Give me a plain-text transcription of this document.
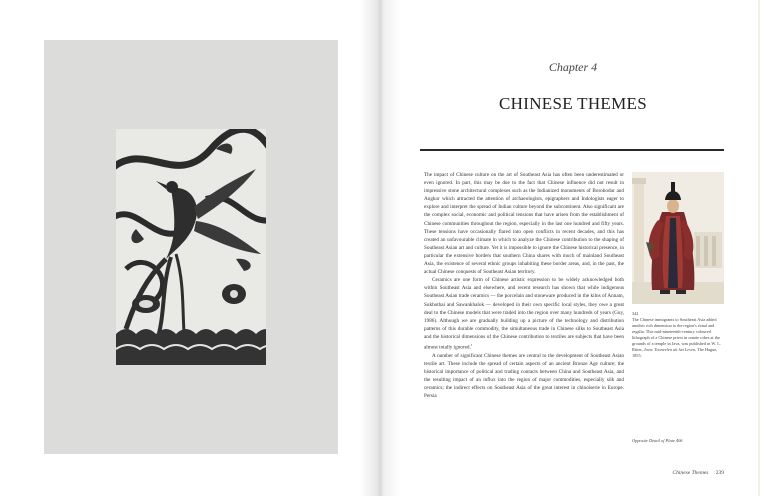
Chapter 4
CHINESE THEMES

The impact of Chinese culture on the art of Southeast Asia has often been underestimated or even ignored. In part, this may be due to the fact that Chinese influence did not result in impressive stone architectural complexes such as the Indianized monuments of Borobodur and Angkor which attracted the attention of archaeologists, epigraphers and Indologists eager to explore and interpret the spread of Indian culture beyond the subcontinent. Also significant are the complex social, economic and political tensions that have arisen from the establishment of Chinese communities throughout the region, especially in the last one hundred and fifty years. These tensions have occasionally flared into open conflicts in recent decades, and this has created an unfavourable climate in which to analyze the Chinese contribution to the shaping of Southeast Asian art and culture. Yet it is impossible to ignore the Chinese historical presence, in particular the extensive borders that southern China shares with much of mainland Southeast Asia, the existence of several ethnic groups inhabiting these border areas, and, in the past, the actual Chinese conquests of Southeast Asian territory.

Ceramics are one form of Chinese artistic expression to be widely acknowledged both within Southeast Asia and elsewhere, and recent research has shown that while indigenous Southeast Asian trade ceramics — the porcelain and stoneware produced in the kilns of Annam, Sukhothai and Sawankhalok — developed in their own specific local styles, they owe a great deal to the Chinese models that were traded into the region over many hundreds of years (Guy, 1986). Although we are gradually building up a picture of the technology and distribution patterns of this durable commodity, the simultaneous trade in Chinese silks to Southeast Asia and the historical dimensions of the Chinese contribution to textiles are subjects that have been almost totally ignored.$^1$

A number of significant Chinese themes are central to the development of Southeast Asian textile art. These include the spread of certain aspects of an ancient Bronze Age culture; the historical importance of political and trading contacts between China and Southeast Asia, and the resulting impact of an influx into the region of major commodities, especially silk and ceramics; the indirect effects on Southeast Asia of the great interest in chinoiserie in Europe. Persia

342
The Chinese immigrants to Southeast Asia added another rich dimension to the region's ritual and regalia. This mid-nineteenth-century coloured lithograph of a Chinese priest in ornate robes at the grounds of a temple in Java, was published in W. L. Ritter, Java: Tooneelen uit het Leven, The Hague, 1855.
Opposite Detail of Plate 406
Chinese Themes 239
